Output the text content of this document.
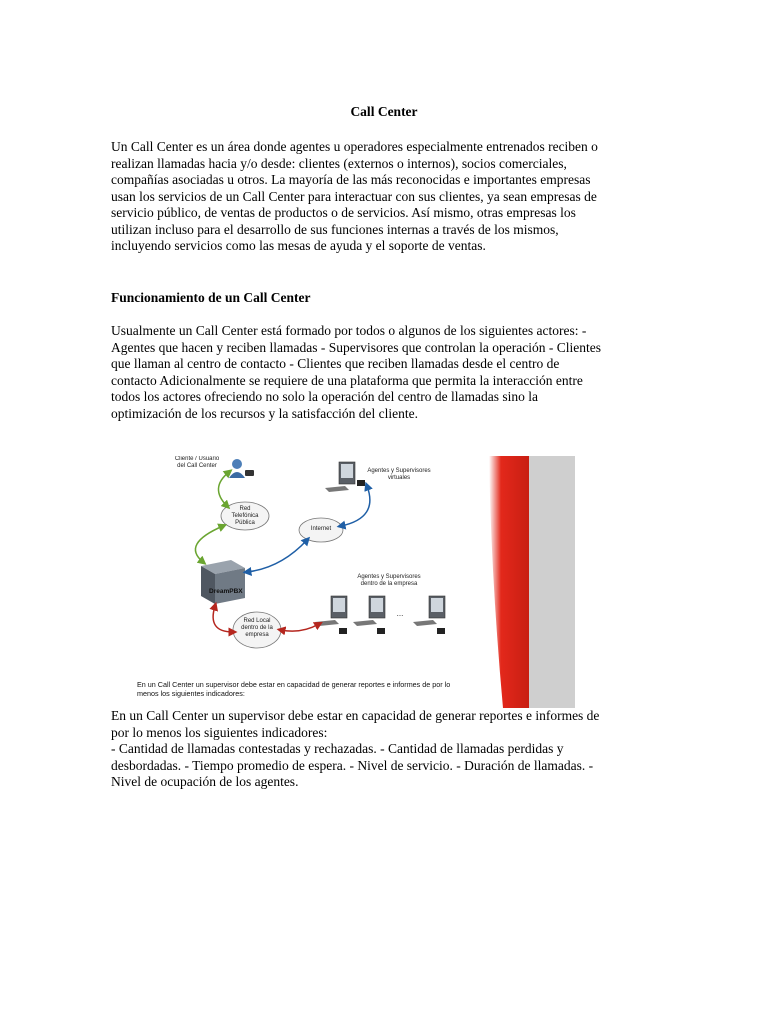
Call Center

Un Call Center es un área donde agentes u operadores especialmente entrenados reciben o
realizan llamadas hacia y/o desde: clientes (externos o internos), socios comerciales,
compañías asociadas u otros. La mayoría de las más reconocidas e importantes empresas
usan los servicios de un Call Center para interactuar con sus clientes, ya sean empresas de
servicio público, de ventas de productos o de servicios. Así mismo, otras empresas los
utilizan incluso para el desarrollo de sus funciones internas a través de los mismos,
incluyendo servicios como las mesas de ayuda y el soporte de ventas.

Funcionamiento de un Call Center

Usualmente un Call Center está formado por todos o algunos de los siguientes actores: -
Agentes que hacen y reciben llamadas - Supervisores que controlan la operación - Clientes
que llaman al centro de contacto - Clientes que reciben llamadas desde el centro de
contacto Adicionalmente se requiere de una plataforma que permita la interacción entre
todos los actores ofreciendo no solo la operación del centro de llamadas sino la
optimización de los recursos y la satisfacción del cliente.

Cliente / Usuario
del Call Center
Red
Telefónica
Pública
Internet
Agentes y Supervisores
virtuales
DreamPBX
Red Local
dentro de la
empresa
Agentes y Supervisores
dentro de la empresa
...
En un Call Center un supervisor debe estar en capacidad de generar reportes e informes de por lo
menos los siguientes indicadores:

En un Call Center un supervisor debe estar en capacidad de generar reportes e informes de
por lo menos los siguientes indicadores:
- Cantidad de llamadas contestadas y rechazadas. - Cantidad de llamadas perdidas y
desbordadas. - Tiempo promedio de espera. - Nivel de servicio. - Duración de llamadas. -
Nivel de ocupación de los agentes.
